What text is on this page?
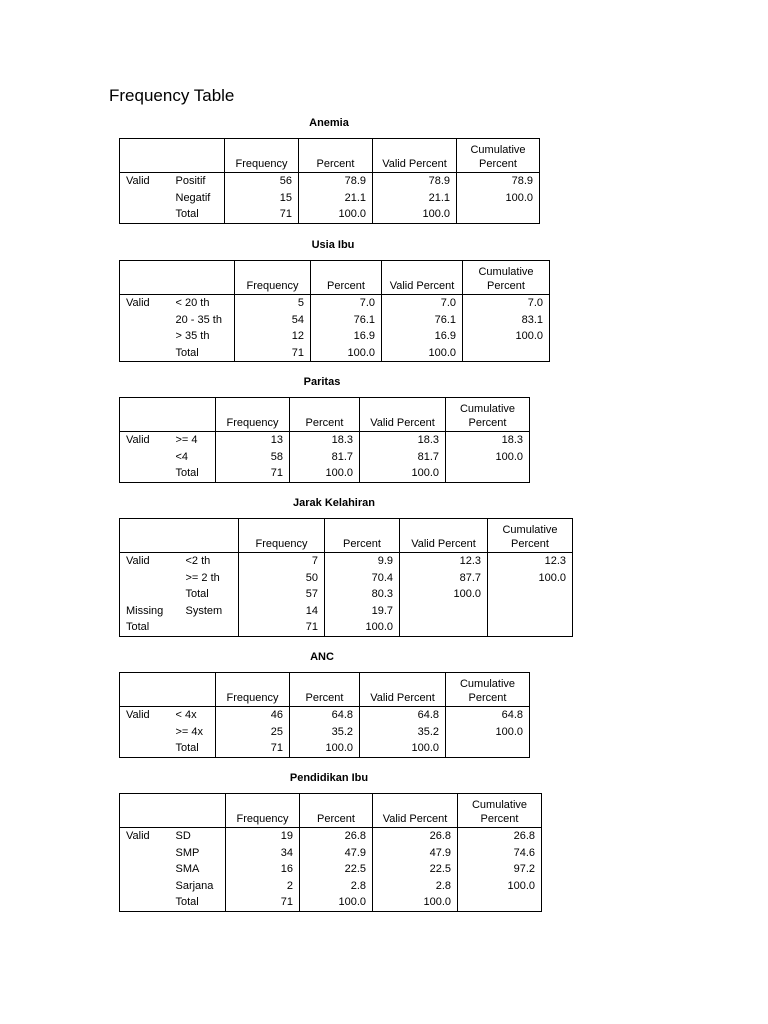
Frequency Table
Anemia
		Frequency	Percent	Valid Percent	Cumulative Percent
Valid	Positif	56	78.9	78.9	78.9
	Negatif	15	21.1	21.1	100.0
	Total	71	100.0	100.0	
Usia Ibu
		Frequency	Percent	Valid Percent	Cumulative Percent
Valid	< 20 th	5	7.0	7.0	7.0
	20 - 35 th	54	76.1	76.1	83.1
	> 35 th	12	16.9	16.9	100.0
	Total	71	100.0	100.0	
Paritas
		Frequency	Percent	Valid Percent	Cumulative Percent
Valid	>= 4	13	18.3	18.3	18.3
	<4	58	81.7	81.7	100.0
	Total	71	100.0	100.0	
Jarak Kelahiran
		Frequency	Percent	Valid Percent	Cumulative Percent
Valid	<2 th	7	9.9	12.3	12.3
	>= 2 th	50	70.4	87.7	100.0
	Total	57	80.3	100.0	
Missing	System	14	19.7		
Total		71	100.0		
ANC
		Frequency	Percent	Valid Percent	Cumulative Percent
Valid	< 4x	46	64.8	64.8	64.8
	>= 4x	25	35.2	35.2	100.0
	Total	71	100.0	100.0	
Pendidikan Ibu
		Frequency	Percent	Valid Percent	Cumulative Percent
Valid	SD	19	26.8	26.8	26.8
	SMP	34	47.9	47.9	74.6
	SMA	16	22.5	22.5	97.2
	Sarjana	2	2.8	2.8	100.0
	Total	71	100.0	100.0	
